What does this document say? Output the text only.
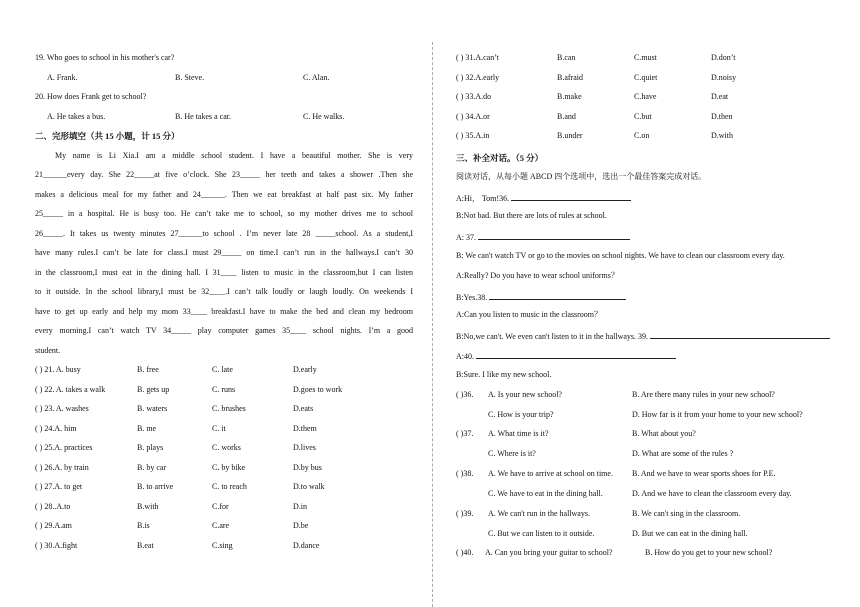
19. Who goes to school in his mother's car?
A. Frank.	B. Steve.	C. Alan.
20. How does Frank get to school?
A. He takes a bus.	B. He takes a car.	C. He walks.
二、完形填空（共 15 小题，计 15 分）
My name is Li Xia.I am a middle school student. I have a beautiful mother. She is very
21______every day. She 22_____at five o’clock. She 23_____ her teeth and takes a shower .Then she
makes a delicious meal for my father and 24______. Then we eat breakfast at half past six. My father
25_____ in a hospital. He is busy too. He can’t take me to school, so my mother drives me to school
26_____. It takes us twenty minutes 27______to school . I’m never late 28 _____school. As a student,I
have many rules.I can’t be late for class.I must 29_____ on time.I can’t run in the hallways.I can’t 30
in the classroom,I must eat in the dining hall. I 31____ listen to music in the classroom,but I can listen
to it outside. In the school library,I must be 32____.I can’t talk loudly or laugh loudly. On weekends I
have to get up early and help my mom 33____ breakfast.I have to make the bed and clean my bedroom
every morning.I can’t watch TV 34_____ play computer games 35____ school nights. I’m a good
student.
( ) 21. A. busy	B. free	C. late	D.early
( ) 22. A. takes a walk	B. gets up	C. runs	D.goes to work
( ) 23. A. washes	B. waters	C. brushes	D.eats
( ) 24.A. him	B. me	C. it	D.them
( ) 25.A. practices	B. plays	C. works	D.lives
( ) 26.A. by train	B. by car	C. by bike	D.by bus
( ) 27.A. to get	B. to arrive	C. to reach	D.to walk
( ) 28..A.to	B.with	C.for	D.in
( ) 29.A.am	B.is	C.are	D.be
( ) 30.A.fight	B.eat	C.sing	D.dance
( ) 31.A.can’t	B.can	C.must	D.don’t
( ) 32.A.early	B.afraid	C.quiet	D.noisy
( ) 33.A.do	B.make	C.have	D.eat
( ) 34.A.or	B.and	C.but	D.then
( ) 35.A.in	B.under	C.on	D.with
三、补全对话。（5 分）
阅读对话，从每小题 ABCD 四个选项中，选出一个最佳答案完成对话。
A:Hi， Tom!36.
B:Not bad. But there are lots of rules at school.
A: 37.
B: We can't watch TV or go to the movies on school nights. We have to clean our classroom every day.
A:Really? Do you have to wear school uniforms？
B:Yes.38.
A:Can you listen to music in the classroom？
B:No,we can't. We even can't listen to it in the hallways. 39.
A:40.
B:Sure. I like my new school.
( )36. A. Is your new school?	B. Are there many rules in your new school?
C. How is your trip?	D. How far is it from your home to your new school?
( )37. A. What time is it?	B. What about you?
C. Where is it?	D. What are some of the rules ?
( )38. A. We have to arrive at school on time. B. And we have to wear sports shoes for P.E.
C. We have to eat in the dining hall.	D. And we have to clean the classroom every day.
( )39. A. We can't run in the hallways.	B. We can't sing in the classroom.
C. But we can listen to it outside.	D. But we can eat in the dining hall.
( )40. A. Can you bring your guitar to school?	B. How do you get to your new school?
